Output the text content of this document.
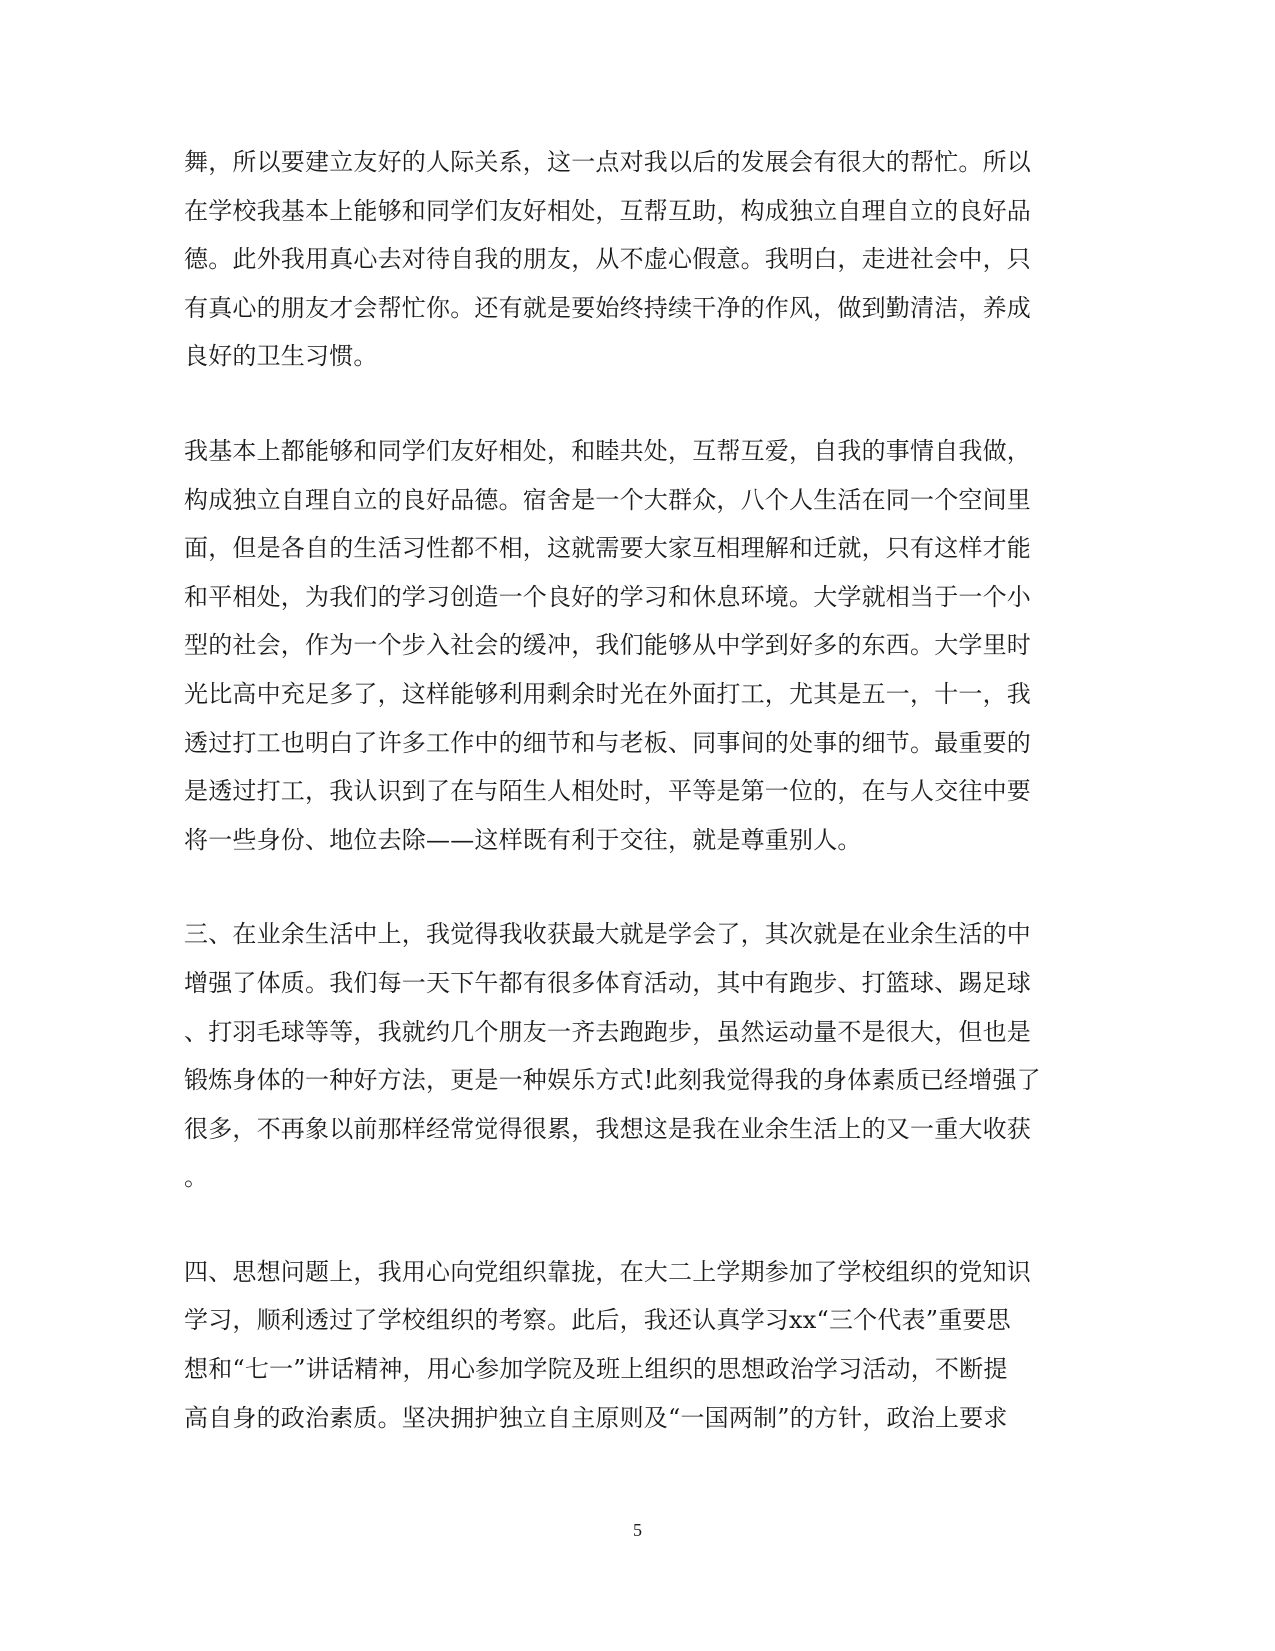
舞，所以要建立友好的人际关系，这一点对我以后的发展会有很大的帮忙。所以
在学校我基本上能够和同学们友好相处，互帮互助，构成独立自理自立的良好品
德。此外我用真心去对待自我的朋友，从不虚心假意。我明白，走进社会中，只
有真心的朋友才会帮忙你。还有就是要始终持续干净的作风，做到勤清洁，养成
良好的卫生习惯。

我基本上都能够和同学们友好相处，和睦共处，互帮互爱，自我的事情自我做，
构成独立自理自立的良好品德。宿舍是一个大群众，八个人生活在同一个空间里
面，但是各自的生活习性都不相，这就需要大家互相理解和迁就，只有这样才能
和平相处，为我们的学习创造一个良好的学习和休息环境。大学就相当于一个小
型的社会，作为一个步入社会的缓冲，我们能够从中学到好多的东西。大学里时
光比高中充足多了，这样能够利用剩余时光在外面打工，尤其是五一，十一，我
透过打工也明白了许多工作中的细节和与老板、同事间的处事的细节。最重要的
是透过打工，我认识到了在与陌生人相处时，平等是第一位的，在与人交往中要
将一些身份、地位去除——这样既有利于交往，就是尊重别人。

三、在业余生活中上，我觉得我收获最大就是学会了，其次就是在业余生活的中
增强了体质。我们每一天下午都有很多体育活动，其中有跑步、打篮球、踢足球
、打羽毛球等等，我就约几个朋友一齐去跑跑步，虽然运动量不是很大，但也是
锻炼身体的一种好方法，更是一种娱乐方式!此刻我觉得我的身体素质已经增强了
很多，不再象以前那样经常觉得很累，我想这是我在业余生活上的又一重大收获
。

四、思想问题上，我用心向党组织靠拢，在大二上学期参加了学校组织的党知识
学习，顺利透过了学校组织的考察。此后，我还认真学习xx“三个代表”重要思
想和“七一”讲话精神，用心参加学院及班上组织的思想政治学习活动，不断提
高自身的政治素质。坚决拥护独立自主原则及“一国两制”的方针，政治上要求

5
